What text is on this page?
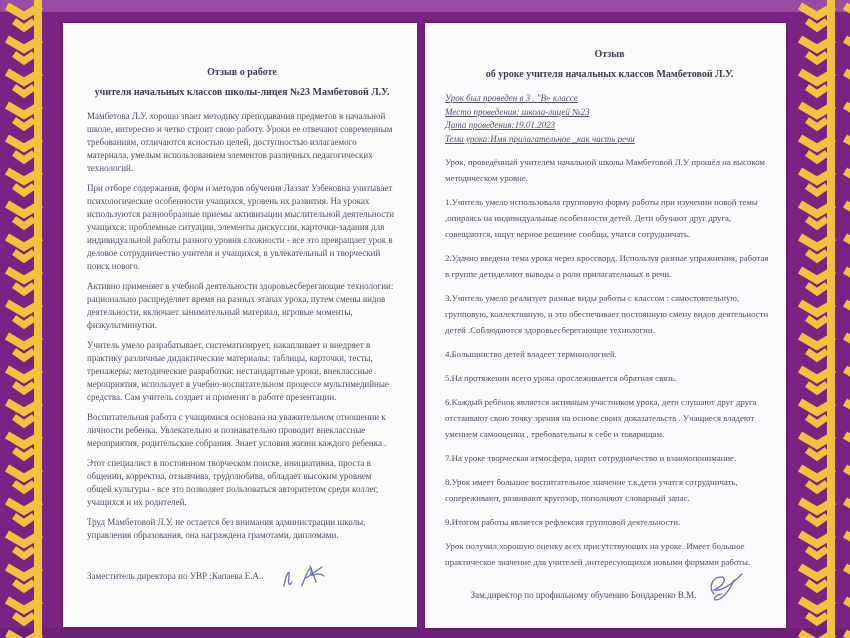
Отзыв о работе
учителя начальных классов школы-лицея №23 Мамбетовой Л.У.

Мамбетова Л.У. хорошо знает методику преподавания предметов в начальной школе, интересно и четко строит свою работу. Уроки ее отвечают современным требованиям, отличаются ясностью целей, доступностью излагаемого материала, умелым использованием элементов различных педагогических технологий.

При отборе содержания, форм и методов обучения Лаззат Узбековна учитывает психологические особенности учащихся, уровень их развития. На уроках используются разнообразные приемы активизации мыслительной деятельности учащихся: проблемные ситуации, элементы дискуссии, карточки-задания для индивидуальной работы разного уровня сложности - все это превращает урок в деловое сотрудничество учителя и учащихся, в увлекательный и творческий поиск нового.

Активно применяет в учебной деятельности здоровьесберегающие технологии: рационально распределяет время на разных этапах урока, путем смены видов деятельности, включает занимательный материал, игровые моменты, физкультминутки.

Учитель умело разрабатывает, систематизирует, накапливает и внедряет в практику различные дидактические материалы: таблицы, карточки, тесты, тренажеры; методические разработки: нестандартные уроки, внеклассные мероприятия, использует в учебно-воспитательном процессе мультимедийные средства. Сам учитель создает и применят в работе презентации.

Воспитательная работа с учащимися основана на уважительном отношении к личности ребенка. Увлекательно и познавательно проводит внеклассные мероприятия, родительские собрания. Знает условия жизни каждого ребенка .

Этот специалист в постоянном творческом поиске, инициативна, проста в общении, корректна, отзывчива, трудолюбива, обладает высоким уровнем общей культуры - все это позволяет пользоваться авторитетом среди коллег, учащихся и их родителей.

Труд Мамбетовой Л.У. не остается без внимания администрации школы, управления образования, она награждена грамотами, дипломами.

Заместитель директора по УВР :Капаева Е.А..
Отзыв
об уроке учителя начальных классов Мамбетовой Л.У.
Урок был проведен в 3 . "В» классе
Место проведения: школа-лицей №23
Дата проведения:19.01.2023
Тема урока:Имя прилагательное _как часть речи

Урок, проведённый учителем начальной школы Мамбетовой Л.У прошёл на высоком методическом уровне.

1.Учитель умело использовала групповую форму работы при изучении новой темы ,опираясь на индивидуальные особенности детей. Дети обучают друг друга, совещаются, ищут верное решение сообща, учатся сотрудничать.

2.Удачно введена тема урока через кроссворд. Используя разные упражнения, работая в группе детиделают выводы о роли прилагательных в речи.

3.Учитель умело реализует разные виды работы с классом : самостоятельную, групповую, коллективную, и это обеспечивает постоянную смену видов деятельности детей .Соблюдаются здоровьесберегающие технологии.

4.Большинство детей владеет терминологией.

5.На протяжении всего урока прослеживается обратная связь.

6.Каждый ребёнок является активным участником урока, дети слушают друг друга отстаивают свою точку зрения на основе своих доказательств . Учащиеся владеют умением самооценки , требовательны к себе и товарищам.

7.На уроке творческая атмосфера, царит сотрудничество и взаимопонимание.

8.Урок имеет большое воспитательное значение т.к.дети учатся сотрудничать, сопереживают, развивают кругозор, пополняют словарный запас.

9.Итогом работы является рефлексия групповой деятельности.

Урок получил хорошую оценку всех присутствующих на уроке. Имеет большое практическое значение для учителей ,интересующихся новыми формами работы.

Зам.директор по профильному обучению Бондаренко В.М.
